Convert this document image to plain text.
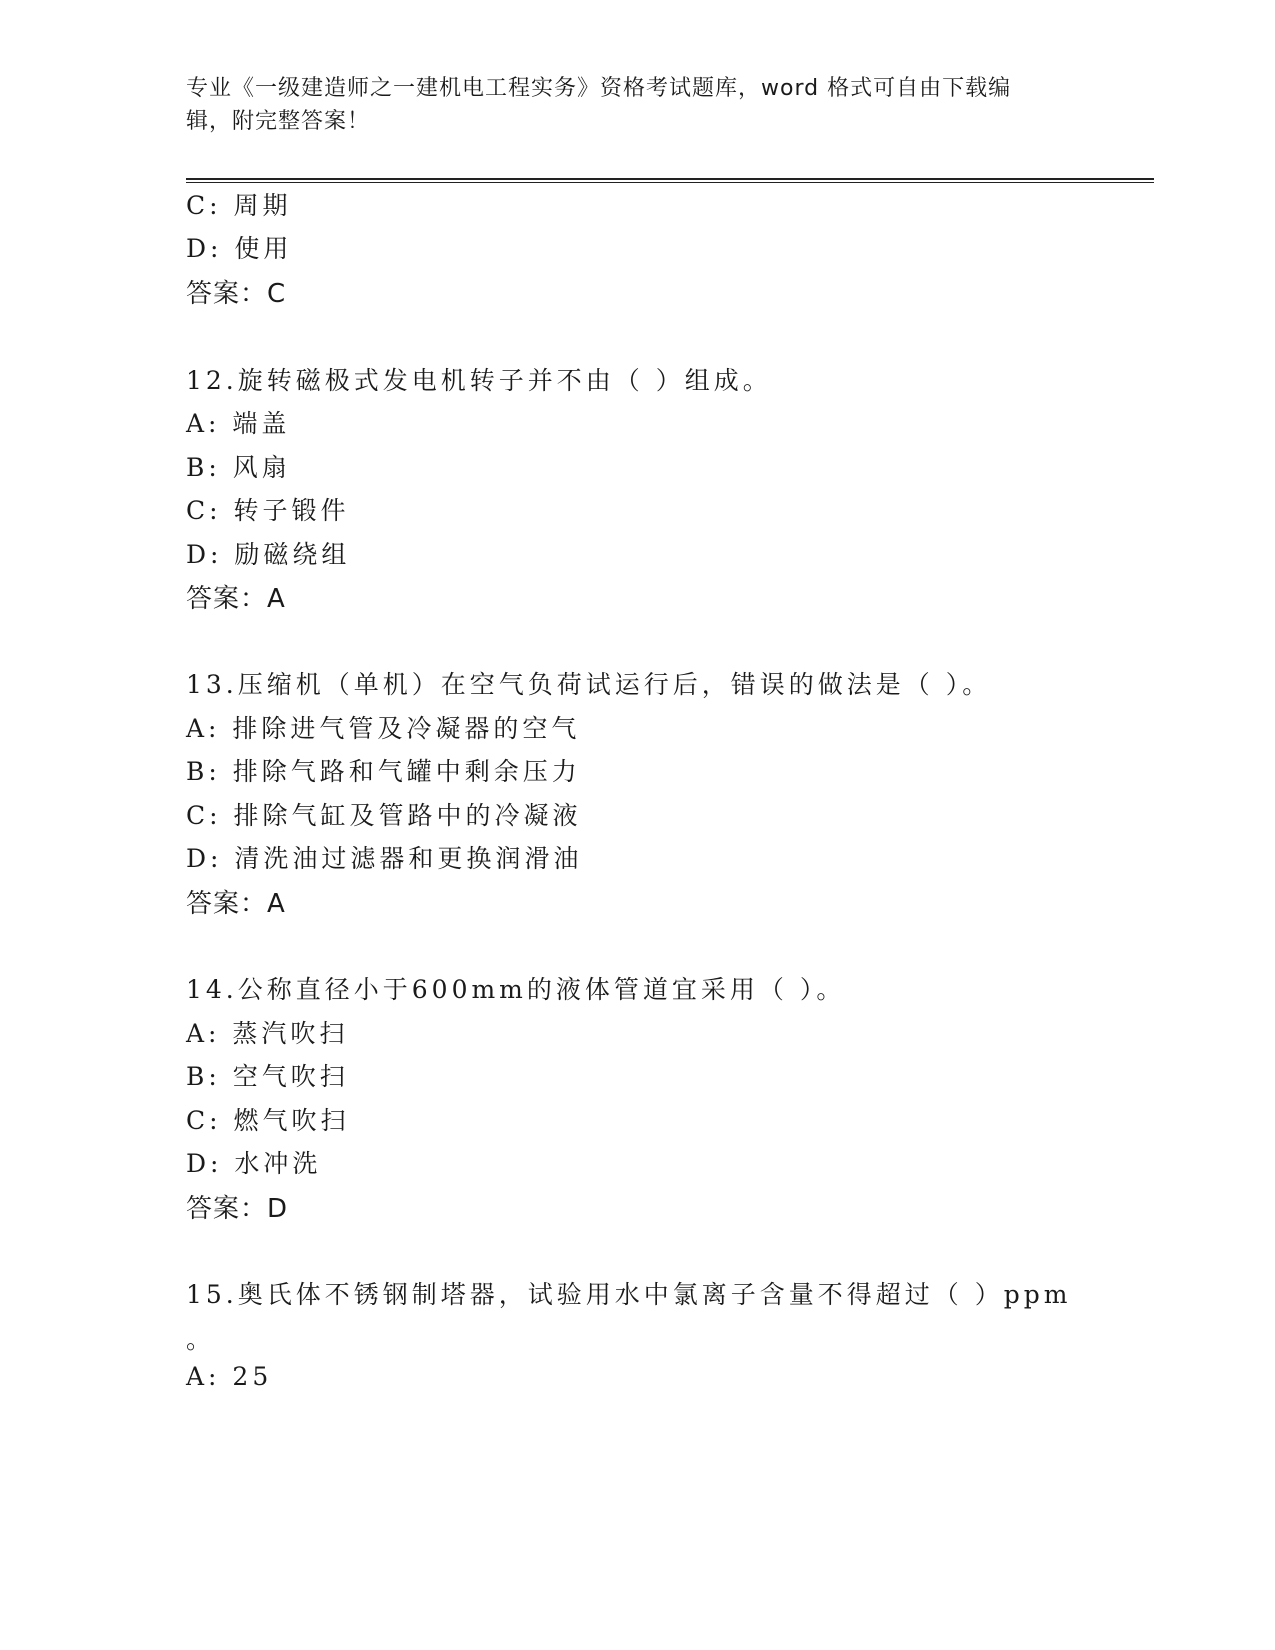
专业《一级建造师之一建机电工程实务》资格考试题库，word 格式可自由下载编
辑，附完整答案！
C: 周期
D: 使用
答案：C
12.旋转磁极式发电机转子并不由（ ）组成。
A: 端盖
B: 风扇
C: 转子锻件
D: 励磁绕组
答案：A
13.压缩机（单机）在空气负荷试运行后，错误的做法是（ ）。
A: 排除进气管及冷凝器的空气
B: 排除气路和气罐中剩余压力
C: 排除气缸及管路中的冷凝液
D: 清洗油过滤器和更换润滑油
答案：A
14.公称直径小于600mm的液体管道宜采用（ ）。
A: 蒸汽吹扫
B: 空气吹扫
C: 燃气吹扫
D: 水冲洗
答案：D
15.奥氏体不锈钢制塔器，试验用水中氯离子含量不得超过（ ）ppm
。
A: 25
